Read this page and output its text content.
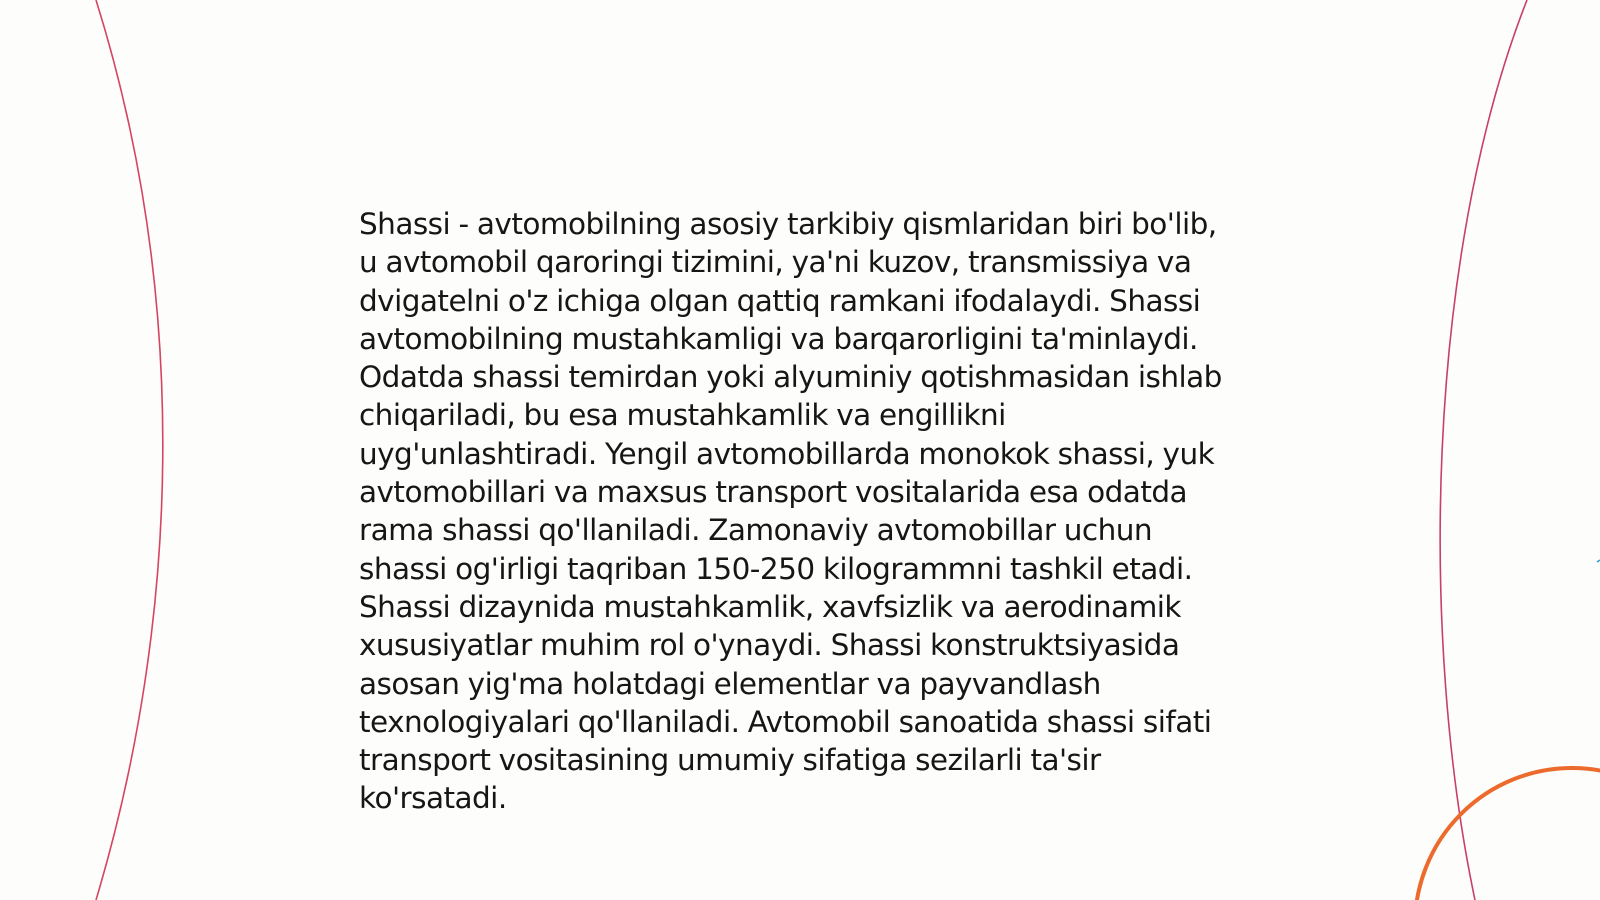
Shassi - avtomobilning asosiy tarkibiy qismlaridan biri bo'lib, u avtomobil qaroringi tizimini, ya'ni kuzov, transmissiya va dvigatelni o'z ichiga olgan qattiq ramkani ifodalaydi. Shassi avtomobilning mustahkamligi va barqarorligini ta'minlaydi. Odatda shassi temirdan yoki alyuminiy qotishmasidan ishlab chiqariladi, bu esa mustahkamlik va engillikni uyg'unlashtiradi. Yengil avtomobillarda monokok shassi, yuk avtomobillari va maxsus transport vositalarida esa odatda rama shassi qo'llaniladi. Zamonaviy avtomobillar uchun shassi og'irligi taqriban 150-250 kilogrammni tashkil etadi. Shassi dizaynida mustahkamlik, xavfsizlik va aerodinamik xususiyatlar muhim rol o'ynaydi. Shassi konstruktsiyasida asosan yig'ma holatdagi elementlar va payvandlash texnologiyalari qo'llaniladi. Avtomobil sanoatida shassi sifati transport vositasining umumiy sifatiga sezilarli ta'sir ko'rsatadi.
